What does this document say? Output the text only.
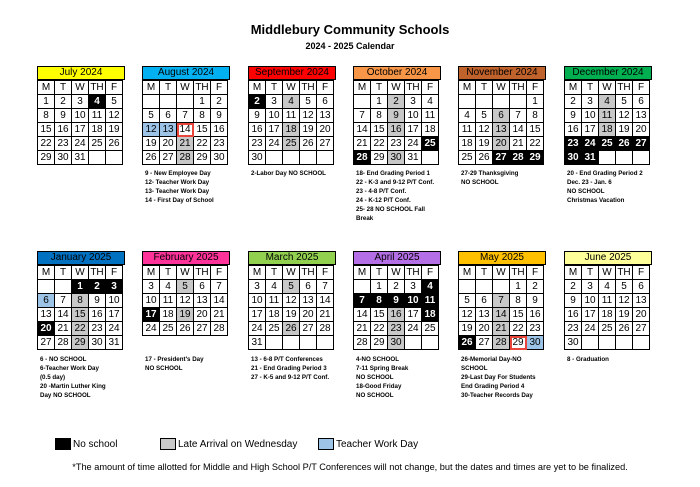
Middlebury Community Schools
2024 - 2025 Calendar
July 2024
M	T	W	TH	F
1	2	3	4	5
8	9	10	11	12
15	16	17	18	19
22	23	24	25	26
29	30	31		
August 2024
M	T	W	TH	F
			1	2
5	6	7	8	9
12	13	14	15	16
19	20	21	22	23
26	27	28	29	30
9 - New Employee Day
12- Teacher Work Day
13- Teacher Work Day
14 - First Day of School
September 2024
M	T	W	TH	F
2	3	4	5	6
9	10	11	12	13
16	17	18	19	20
23	24	25	26	27
30				
2-Labor Day NO SCHOOL
October 2024
M	T	W	TH	F
	1	2	3	4
7	8	9	10	11
14	15	16	17	18
21	22	23	24	25
28	29	30	31	
18- End Grading Period 1
22 - K-3 and 9-12 P/T Conf.
23 - 4-8 P/T Conf.
24 - K-12 P/T Conf.
25- 28 NO SCHOOL Fall
Break
November 2024
M	T	W	TH	F
				1
4	5	6	7	8
11	12	13	14	15
18	19	20	21	22
25	26	27	28	29
27-29 Thanksgiving
NO SCHOOL
December 2024
M	T	W	TH	F
2	3	4	5	6
9	10	11	12	13
16	17	18	19	20
23	24	25	26	27
30	31			
20 - End Grading Period 2
Dec. 23 - Jan. 6
NO SCHOOL
Christmas Vacation
January 2025
M	T	W	TH	F
		1	2	3
6	7	8	9	10
13	14	15	16	17
20	21	22	23	24
27	28	29	30	31
6 - NO SCHOOL
6-Teacher Work Day
(0.5 day)
20 -Martin Luther King
Day NO SCHOOL
February 2025
M	T	W	TH	F
3	4	5	6	7
10	11	12	13	14
17	18	19	20	21
24	25	26	27	28
17 - President's Day
NO SCHOOL
March 2025
M	T	W	TH	F
3	4	5	6	7
10	11	12	13	14
17	18	19	20	21
24	25	26	27	28
31				
13 - 6-8 P/T Conferences
21 - End Grading Period 3
27 - K-5 and 9-12 P/T Conf.
April 2025
M	T	W	TH	F
	1	2	3	4
7	8	9	10	11
14	15	16	17	18
21	22	23	24	25
28	29	30		
4-NO SCHOOL
7-11 Spring Break
NO SCHOOL
18-Good Friday
NO SCHOOL
May 2025
M	T	W	TH	F
			1	2
5	6	7	8	9
12	13	14	15	16
19	20	21	22	23
26	27	28	29	30
26-Memorial Day-NO
SCHOOL
29-Last Day For Students
End Grading Period 4
30-Teacher Records Day
June 2025
M	T	W	TH	F
2	3	4	5	6
9	10	11	12	13
16	17	18	19	20
23	24	25	26	27
30				
8 - Graduation
No school	Late Arrival on Wednesday	Teacher Work Day
*The amount of time allotted for Middle and High School P/T Conferences will not change, but the dates and times are yet to be finalized.
